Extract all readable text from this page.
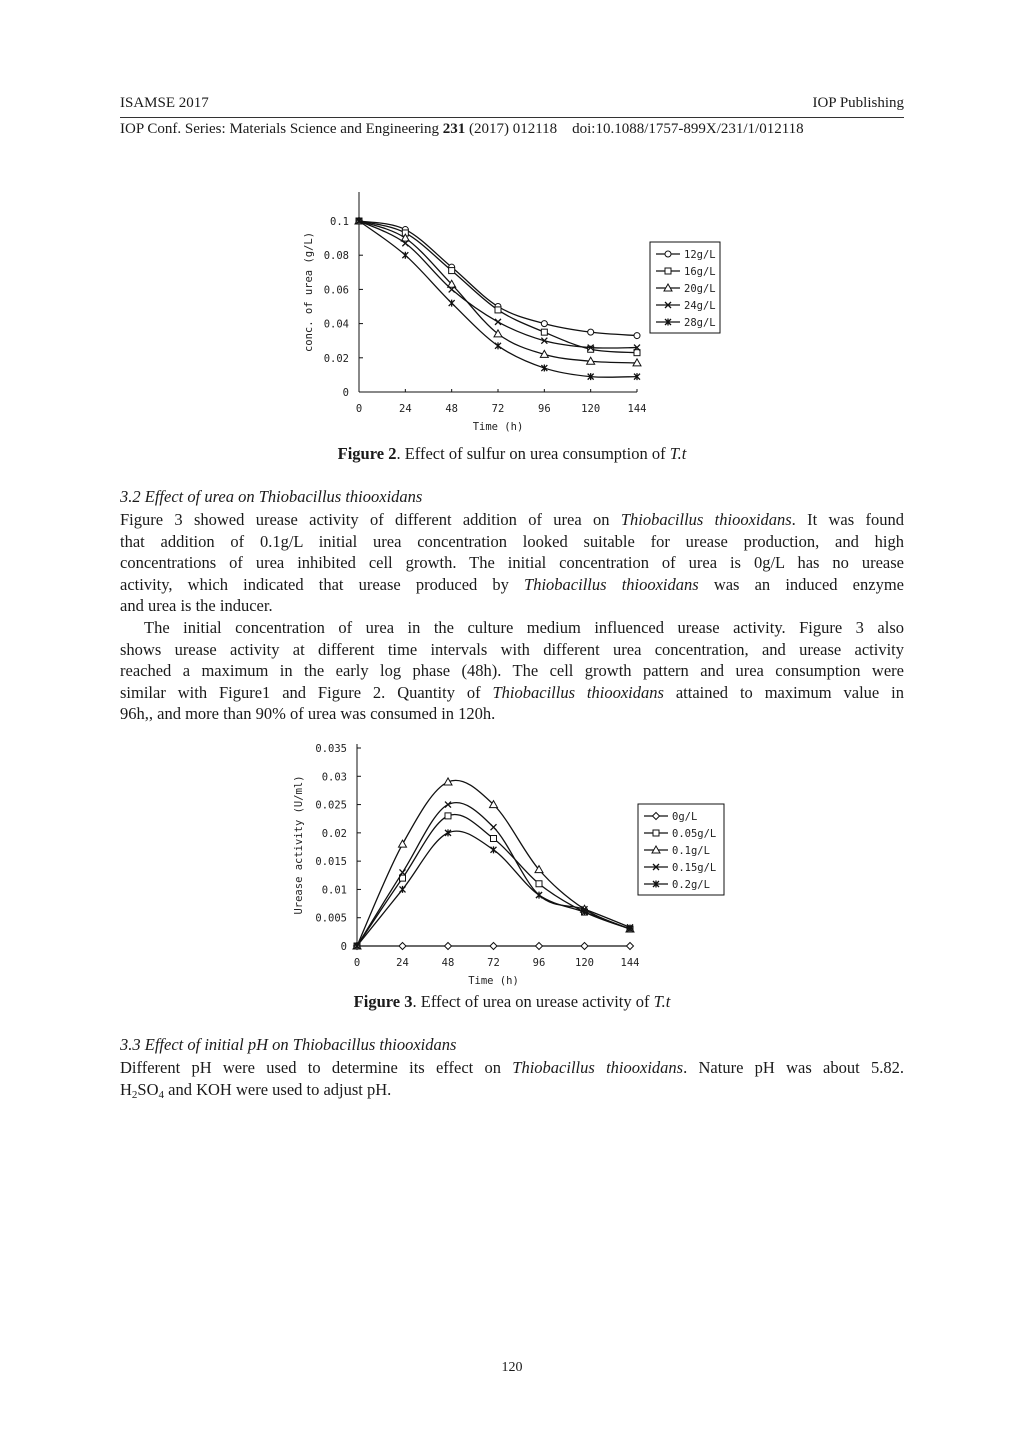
ISAMSE 2017	IOP Publishing
IOP Conf. Series: Materials Science and Engineering 231 (2017) 012118    doi:10.1088/1757-899X/231/1/012118
0
0.02
0.04
0.06
0.08
0.1
0	24	48	72	96	120	144
Time (h)
conc. of urea (g/L)	12g/L
16g/L
20g/L
24g/L
28g/L
Figure 2. Effect of sulfur on urea consumption of T.t
3.2 Effect of urea on Thiobacillus thiooxidans
Figure 3 showed urease activity of different addition of urea on Thiobacillus thiooxidans. It was found
that addition of 0.1g/L initial urea concentration looked suitable for urease production, and high
concentrations of urea inhibited cell growth. The initial concentration of urea is 0g/L has no urease
activity, which indicated that urease produced by Thiobacillus thiooxidans was an induced enzyme
and urea is the inducer.
The initial concentration of urea in the culture medium influenced urease activity. Figure 3 also
shows urease activity at different time intervals with different urea concentration, and urease activity
reached a maximum in the early log phase (48h). The cell growth pattern and urea consumption were
similar with Figure1 and Figure 2. Quantity of Thiobacillus thiooxidans attained to maximum value in
96h,, and more than 90% of urea was consumed in 120h.
0
0.005
0.01
0.015
0.02
0.025
0.03
0.035
0	24	48	72	96	120	144
Time (h)
Urease activity (U/ml)	0g/L
0.05g/L
0.1g/L
0.15g/L
0.2g/L
Figure 3. Effect of urea on urease activity of T.t
3.3 Effect of initial pH on Thiobacillus thiooxidans
Different pH were used to determine its effect on Thiobacillus thiooxidans. Nature pH was about 5.82.
$H_2SO_4$ and KOH were used to adjust pH.
120
